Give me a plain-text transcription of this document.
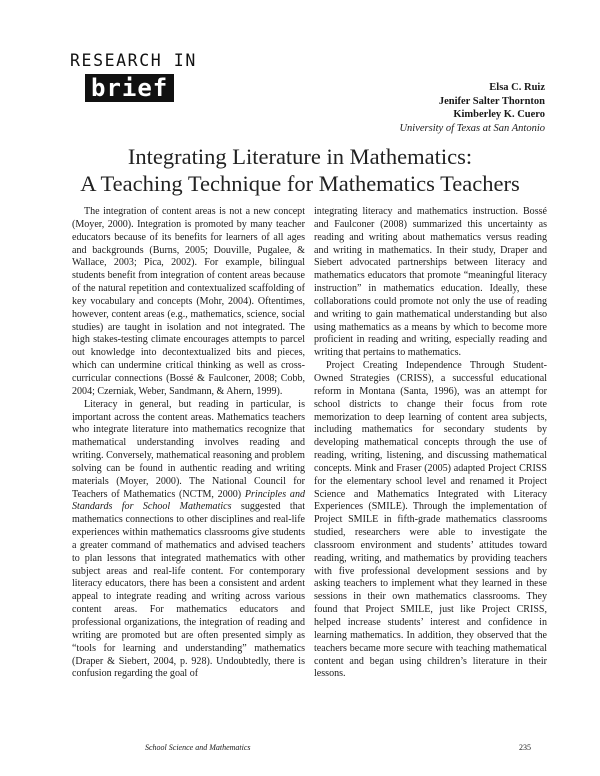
RESEARCH IN
brief	Elsa C. Ruiz
Jenifer Salter Thornton
Kimberley K. Cuero
University of Texas at San Antonio
Integrating Literature in Mathematics:
A Teaching Technique for Mathematics Teachers

The integration of content areas is not a new concept (Moyer, 2000). Integration is promoted by many teacher educators because of its benefits for learners of all ages and backgrounds (Burns, 2005; Douville, Pugalee, & Wallace, 2003; Pica, 2002). For example, bilingual students benefit from integration of content areas because of the natural repetition and contextualized scaffolding of key vocabulary and concepts (Mohr, 2004). Oftentimes, however, content areas (e.g., mathematics, science, social studies) are taught in isolation and not integrated. The high stakes-testing climate encourages attempts to parcel out knowledge into decontextualized bits and pieces, which can undermine critical thinking as well as cross-curricular connections (Bossé & Faulconer, 2008; Cobb, 2004; Czerniak, Weber, Sandmann, & Ahern, 1999).

Literacy in general, but reading in particular, is important across the content areas. Mathematics teachers who integrate literature into mathematics recognize that mathematical understanding involves reading and writing. Conversely, mathematical reasoning and problem solving can be found in authentic reading and writing materials (Moyer, 2000). The National Council for Teachers of Mathematics (NCTM, 2000) Principles and Standards for School Mathematics suggested that mathematics connections to other disciplines and real-life experiences within mathematics classrooms give students a greater command of mathematics and advised teachers to plan lessons that integrated mathematics with other subject areas and real-life content. For contemporary literacy educators, there has been a consistent and ardent appeal to integrate reading and writing across various content areas. For mathematics educators and professional organizations, the integration of reading and writing are promoted but are often presented simply as “tools for learning and understanding” mathematics (Draper & Siebert, 2004, p. 928). Undoubtedly, there is confusion regarding the goal of

integrating literacy and mathematics instruction. Bossé and Faulconer (2008) summarized this uncertainty as reading and writing about mathematics versus reading and writing in mathematics. In their study, Draper and Siebert advocated partnerships between literacy and mathematics educators that promote “meaningful literacy instruction” in mathematics education. Ideally, these collaborations could promote not only the use of reading and writing to gain mathematical understanding but also using mathematics as a means by which to become more proficient in reading and writing, especially reading and writing that pertains to mathematics.

Project Creating Independence Through Student-Owned Strategies (CRISS), a successful educational reform in Montana (Santa, 1996), was an attempt for school districts to change their focus from rote memorization to deep learning of content area subjects, including mathematics for secondary students by developing mathematical concepts through the use of reading, writing, listening, and discussing mathematical concepts. Mink and Fraser (2005) adapted Project CRISS for the elementary school level and renamed it Project Science and Mathematics Integrated with Literacy Experiences (SMILE). Through the implementation of Project SMILE in fifth-grade mathematics classrooms studied, researchers were able to investigate the classroom environment and students’ attitudes toward reading, writing, and mathematics by providing teachers with five professional development sessions and by asking teachers to implement what they learned in these sessions in their own mathematics classrooms. They found that Project SMILE, just like Project CRISS, helped increase students’ interest and confidence in learning mathematics. In addition, they observed that the teachers became more secure with teaching mathematical content and began using children’s literature in their lessons.

School Science and Mathematics	235
